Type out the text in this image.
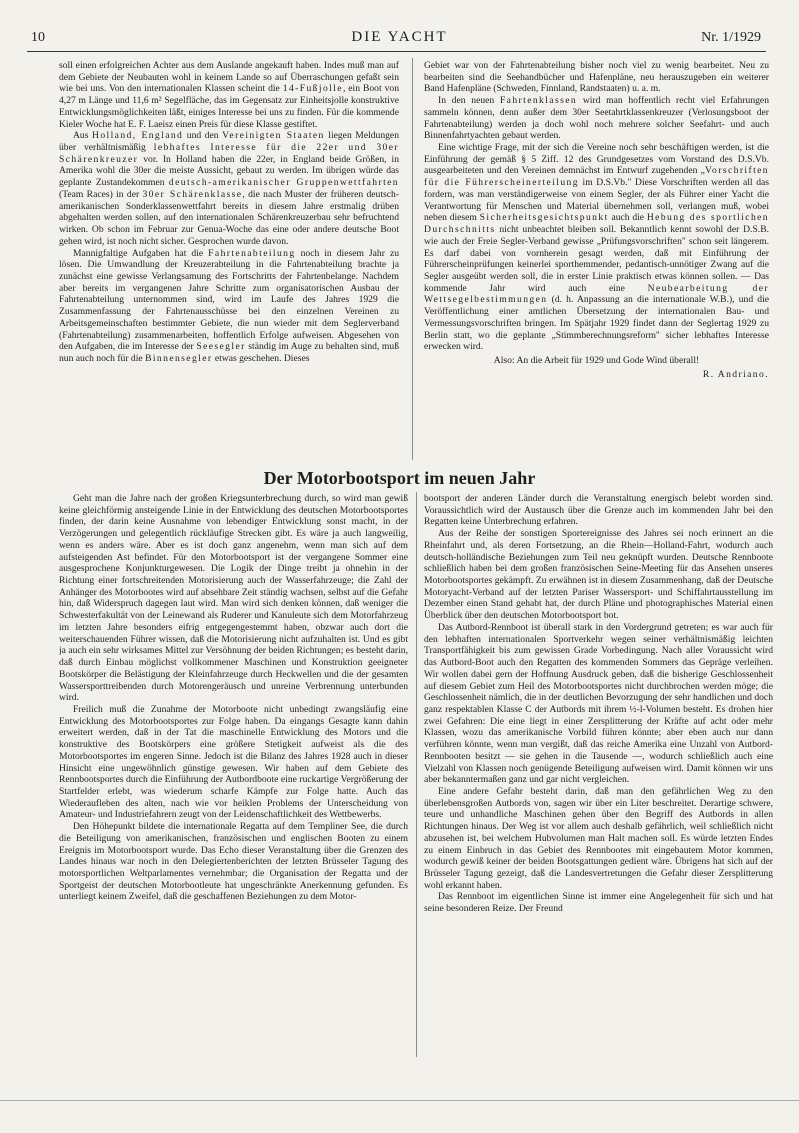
10	DIE YACHT	Nr. 1/1929

soll einen erfolgreichen Achter aus dem Auslande angekauft haben. Indes muß man auf dem Gebiete der Neubauten wohl in keinem Lande so auf Überraschungen gefaßt sein wie bei uns. Von den internationalen Klassen scheint die 14-Fußjolle, ein Boot von 4,27 m Länge und 11,6 m² Segelfläche, das im Gegensatz zur Einheitsjolle konstruktive Entwicklungsmöglichkeiten läßt, einiges Interesse bei uns zu finden. Für die kommende Kieler Woche hat E. F. Laeisz einen Preis für diese Klasse gestiftet.

Aus Holland, England und den Vereinigten Staaten liegen Meldungen über verhältnismäßig lebhaftes Interesse für die 22er und 30er Schärenkreuzer vor. In Holland haben die 22er, in England beide Größen, in Amerika wohl die 30er die meiste Aussicht, gebaut zu werden. Im übrigen würde das geplante Zustandekommen deutsch-amerikanischer Gruppenwettfahrten (Team Races) in der 30er Schärenklasse, die nach Muster der früheren deutsch-amerikanischen Sonderklassenwettfahrt bereits in diesem Jahre erstmalig drüben abgehalten werden sollen, auf den internationalen Schärenkreuzerbau sehr befruchtend wirken. Ob schon im Februar zur Genua-Woche das eine oder andere deutsche Boot gehen wird, ist noch nicht sicher. Gesprochen wurde davon.

Mannigfaltige Aufgaben hat die Fahrtenabteilung noch in diesem Jahr zu lösen. Die Umwandlung der Kreuzerabteilung in die Fahrtenabteilung brachte ja zunächst eine gewisse Verlangsamung des Fortschritts der Fahrtenbelange. Nachdem aber bereits im vergangenen Jahre Schritte zum organisatorischen Ausbau der Fahrtenabteilung unternommen sind, wird im Laufe des Jahres 1929 die Zusammenfassung der Fahrtenausschüsse bei den einzelnen Vereinen zu Arbeitsgemeinschaften bestimmter Gebiete, die nun wieder mit dem Seglerverband (Fahrtenabteilung) zusammenarbeiten, hoffentlich Erfolge aufweisen. Abgesehen von den Aufgaben, die im Interesse der Seesegler ständig im Auge zu behalten sind, muß nun auch noch für die Binnensegler etwas geschehen. Dieses

Gebiet war von der Fahrtenabteilung bisher noch viel zu wenig bearbeitet. Neu zu bearbeiten sind die Seehandbücher und Hafenpläne, neu herauszugeben ein weiterer Band Hafenpläne (Schweden, Finnland, Randstaaten) u. a. m.

In den neuen Fahrtenklassen wird man hoffentlich recht viel Erfahrungen sammeln können, denn außer dem 30er Seetahrtklassenkreuzer (Verlosungsboot der Fahrtenabteilung) werden ja doch wohl noch mehrere solcher Seefahrt- und auch Binnenfahrtyachten gebaut werden.

Eine wichtige Frage, mit der sich die Vereine noch sehr beschäftigen werden, ist die Einführung der gemäß § 5 Ziff. 12 des Grundgesetzes vom Vorstand des D.S.Vb. ausgearbeiteten und den Vereinen demnächst im Entwurf zugehenden „Vorschriften für die Führerscheinerteilung im D.S.Vb." Diese Vorschriften werden all das fordern, was man verständigerweise von einem Segler, der als Führer einer Yacht die Verantwortung für Menschen und Material übernehmen soll, verlangen muß, wobei neben diesem Sicherheitsgesichtspunkt auch die Hebung des sportlichen Durchschnitts nicht unbeachtet bleiben soll. Bekanntlich kennt sowohl der D.S.B. wie auch der Freie Segler-Verband gewisse „Prüfungsvorschriften" schon seit längerem. Es darf dabei von vornherein gesagt werden, daß mit Einführung der Führerscheinprüfungen keinerlei sporthemmender, pedantisch-unnötiger Zwang auf die Segler ausgeübt werden soll, die in erster Linie praktisch etwas können sollen. — Das kommende Jahr wird auch eine Neubearbeitung der Wettsegelbestimmungen (d. h. Anpassung an die internationale W.B.), und die Veröffentlichung einer amtlichen Übersetzung der internationalen Bau- und Vermessungsvorschriften bringen. Im Spätjahr 1929 findet dann der Seglertag 1929 zu Berlin statt, wo die geplante „Stimmberechnungsreform" sicher lebhaftes Interesse erwecken wird.

Also: An die Arbeit für 1929 und Gode Wind überall!

R. Andriano.

Der Motorbootsport im neuen Jahr

Geht man die Jahre nach der großen Kriegsunterbrechung durch, so wird man gewiß keine gleichförmig ansteigende Linie in der Entwicklung des deutschen Motorbootsportes finden, der darin keine Ausnahme von lebendiger Entwicklung sonst macht, in der Verzögerungen und gelegentlich rückläufige Strecken gibt. Es wäre ja auch langweilig, wenn es anders wäre. Aber es ist doch ganz angenehm, wenn man sich auf dem aufsteigenden Ast befindet. Für den Motorbootsport ist der vergangene Sommer eine ausgesprochene Konjunkturgewesen. Die Logik der Dinge treibt ja ohnehin in der Richtung einer fortschreitenden Motorisierung auch der Wasserfahrzeuge; die Zahl der Anhänger des Motorbootes wird auf absehbare Zeit ständig wachsen, selbst auf die Gefahr hin, daß Widerspruch dagegen laut wird. Man wird sich denken können, daß weniger die Schwesterfakultät von der Leinewand als Ruderer und Kanuleute sich dem Motorfahrzeug im letzten Jahre besonders eifrig entgegengestemmt haben, obzwar auch dort die weiterschauenden Führer wissen, daß die Motorisierung nicht aufzuhalten ist. Und es gibt ja auch ein sehr wirksames Mittel zur Versöhnung der beiden Richtungen; es besteht darin, daß durch Einbau möglichst vollkommener Maschinen und Konstruktion geeigneter Bootskörper die Belästigung der Kleinfahrzeuge durch Heckwellen und die der gesamten Wassersporttreibenden durch Motorengeräusch und unreine Verbrennung unterbunden wird.

Freilich muß die Zunahme der Motorboote nicht unbedingt zwangsläufig eine Entwicklung des Motorbootsportes zur Folge haben. Da eingangs Gesagte kann dahin erweitert werden, daß in der Tat die maschinelle Entwicklung des Motors und die konstruktive des Bootskörpers eine größere Stetigkeit aufweist als die des Motorbootsportes im engeren Sinne. Jedoch ist die Bilanz des Jahres 1928 auch in dieser Hinsicht eine ungewöhnlich günstige gewesen. Wir haben auf dem Gebiete des Rennbootsportes durch die Einführung der Autbordboote eine ruckartige Vergrößerung der Startfelder erlebt, was wiederum scharfe Kämpfe zur Folge hatte. Auch das Wiederaufleben des alten, nach wie vor heiklen Problems der Unterscheidung von Amateur- und Industriefahrern zeugt von der Leidenschaftlichkeit des Wettbewerbs.

Den Höhepunkt bildete die internationale Regatta auf dem Templiner See, die durch die Beteiligung von amerikanischen, französischen und englischen Booten zu einem Ereignis im Motorbootsport wurde. Das Echo dieser Veranstaltung über die Grenzen des Landes hinaus war noch in den Delegiertenberichten der letzten Brüsseler Tagung des motorsportlichen Weltparlamentes vernehmbar; die Organisation der Regatta und der Sportgeist der deutschen Motorbootleute hat ungeschränkte Anerkennung gefunden. Es unterliegt keinem Zweifel, daß die geschaffenen Beziehungen zu dem Motor-

bootsport der anderen Länder durch die Veranstaltung energisch belebt worden sind. Voraussichtlich wird der Austausch über die Grenze auch im kommenden Jahr bei den Regatten keine Unterbrechung erfahren.

Aus der Reihe der sonstigen Sportereignisse des Jahres sei noch erinnert an die Rheinfahrt und, als deren Fortsetzung, an die Rhein—Holland-Fahrt, wodurch auch deutsch-holländische Beziehungen zum Teil neu geknüpft wurden. Deutsche Rennboote schließlich haben bei dem großen französischen Seine-Meeting für das Ansehen unseres Motorbootsportes gekämpft. Zu erwähnen ist in diesem Zusammenhang, daß der Deutsche Motoryacht-Verband auf der letzten Pariser Wassersport- und Schiffahrtausstellung im Dezember einen Stand gehabt hat, der durch Pläne und photographisches Material einen Überblick über den deutschen Motorbootsport bot.

Das Autbord-Rennboot ist überall stark in den Vordergrund getreten; es war auch für den lebhaften internationalen Sportverkehr wegen seiner verhältnismäßig leichten Transportfähigkeit bis zum gewissen Grade Vorbedingung. Nach aller Voraussicht wird das Autbord-Boot auch den Regatten des kommenden Sommers das Gepräge verleihen. Wir wollen dabei gern der Hoffnung Ausdruck geben, daß die bisherige Geschlossenheit auf diesem Gebiet zum Heil des Motorbootsportes nicht durchbrochen werden möge; die Geschlossenheit nämlich, die in der deutlichen Bevorzugung der sehr handlichen und doch ganz respektablen Klasse C der Autbords mit ihrem ½-l-Volumen besteht. Es drohen hier zwei Gefahren: Die eine liegt in einer Zersplitterung der Kräfte auf acht oder mehr Klassen, wozu das amerikanische Vorbild führen könnte; aber eben auch nur dann verführen könnte, wenn man vergißt, daß das reiche Amerika eine Unzahl von Autbord-Rennbooten besitzt — sie gehen in die Tausende —, wodurch schließlich auch eine Vielzahl von Klassen noch genügende Beteiligung aufweisen wird. Damit können wir uns aber bekanntermaßen ganz und gar nicht vergleichen.

Eine andere Gefahr besteht darin, daß man den gefährlichen Weg zu den überlebensgroßen Autbords von, sagen wir über ein Liter beschreitet. Derartige schwere, teure und unhandliche Maschinen gehen über den Begriff des Autbords in allen Richtungen hinaus. Der Weg ist vor allem auch deshalb gefährlich, weil schließlich nicht abzusehen ist, bei welchem Hubvolumen man Halt machen soll. Es würde letzten Endes zu einem Einbruch in das Gebiet des Rennbootes mit eingebautem Motor kommen, wodurch gewiß keiner der beiden Bootsgattungen gedient wäre. Übrigens hat sich auf der Brüsseler Tagung gezeigt, daß die Landesvertretungen die Gefahr dieser Zersplitterung wohl erkannt haben.

Das Rennboot im eigentlichen Sinne ist immer eine Angelegenheit für sich und hat seine besonderen Reize. Der Freund
